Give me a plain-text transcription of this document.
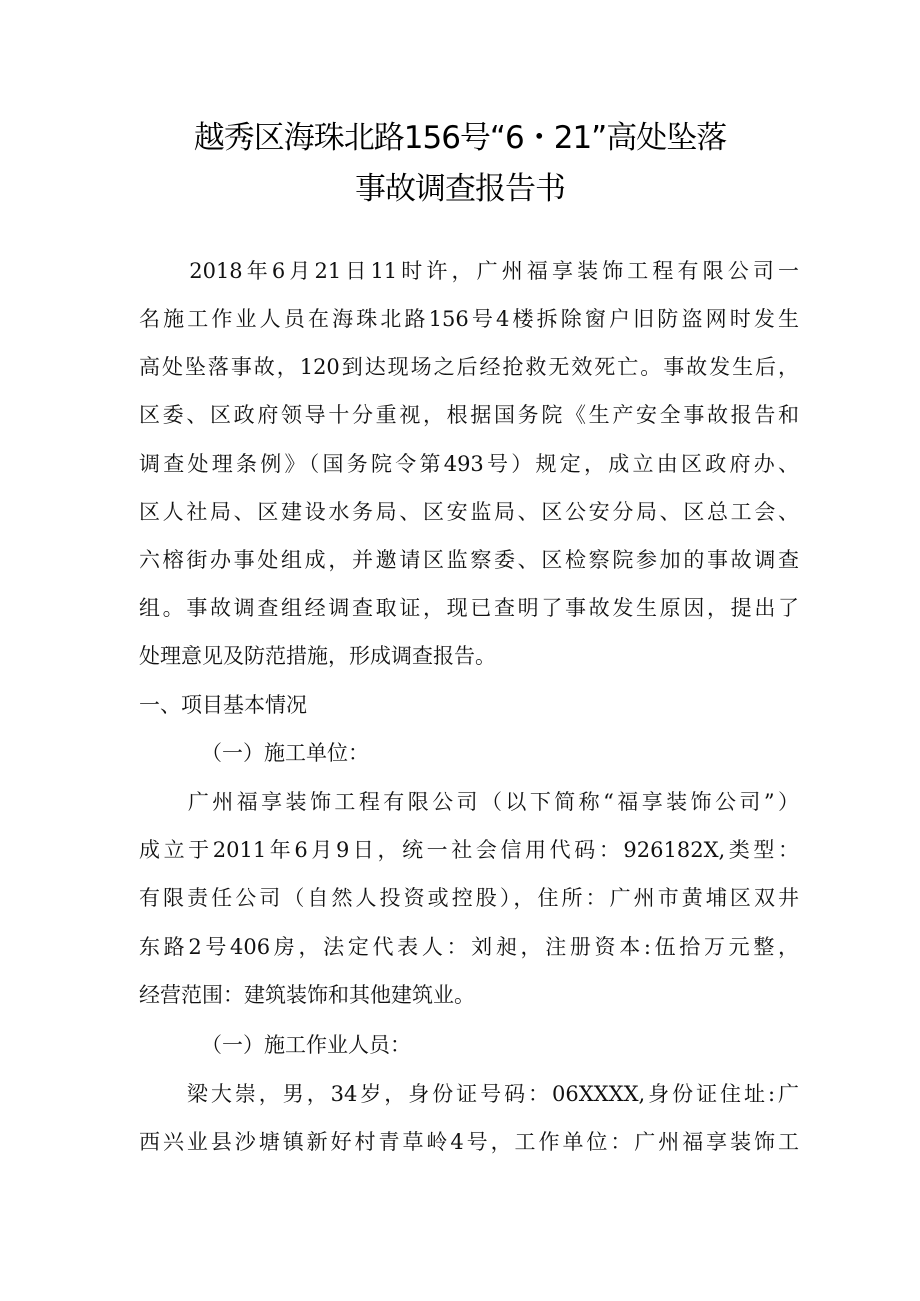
越秀区海珠北路156号“6・21”高处坠落
事故调查报告书
　　2018年6月21日11时许，广州福享装饰工程有限公司一
名施工作业人员在海珠北路156号4楼拆除窗户旧防盗网时发生
高处坠落事故，120到达现场之后经抢救无效死亡。事故发生后，
区委、区政府领导十分重视，根据国务院《生产安全事故报告和
调查处理条例》（国务院令第493号）规定，成立由区政府办、
区人社局、区建设水务局、区安监局、区公安分局、区总工会、
六榕街办事处组成，并邀请区监察委、区检察院参加的事故调查
组。事故调查组经调查取证，现已查明了事故发生原因，提出了
处理意见及防范措施，形成调查报告。
一、项目基本情况
（一）施工单位：
　　广州福享装饰工程有限公司（以下简称“福享装饰公司”）
成立于2011年6月9日，统一社会信用代码：926182X,类型：
有限责任公司（自然人投资或控股），住所：广州市黄埔区双井
东路2号406房，法定代表人：刘昶，注册资本:伍拾万元整，
经营范围：建筑装饰和其他建筑业。
（一）施工作业人员：
　　梁大崇，男，34岁，身份证号码：06XXXX,身份证住址:广
西兴业县沙塘镇新好村青草岭4号，工作单位：广州福享装饰工
